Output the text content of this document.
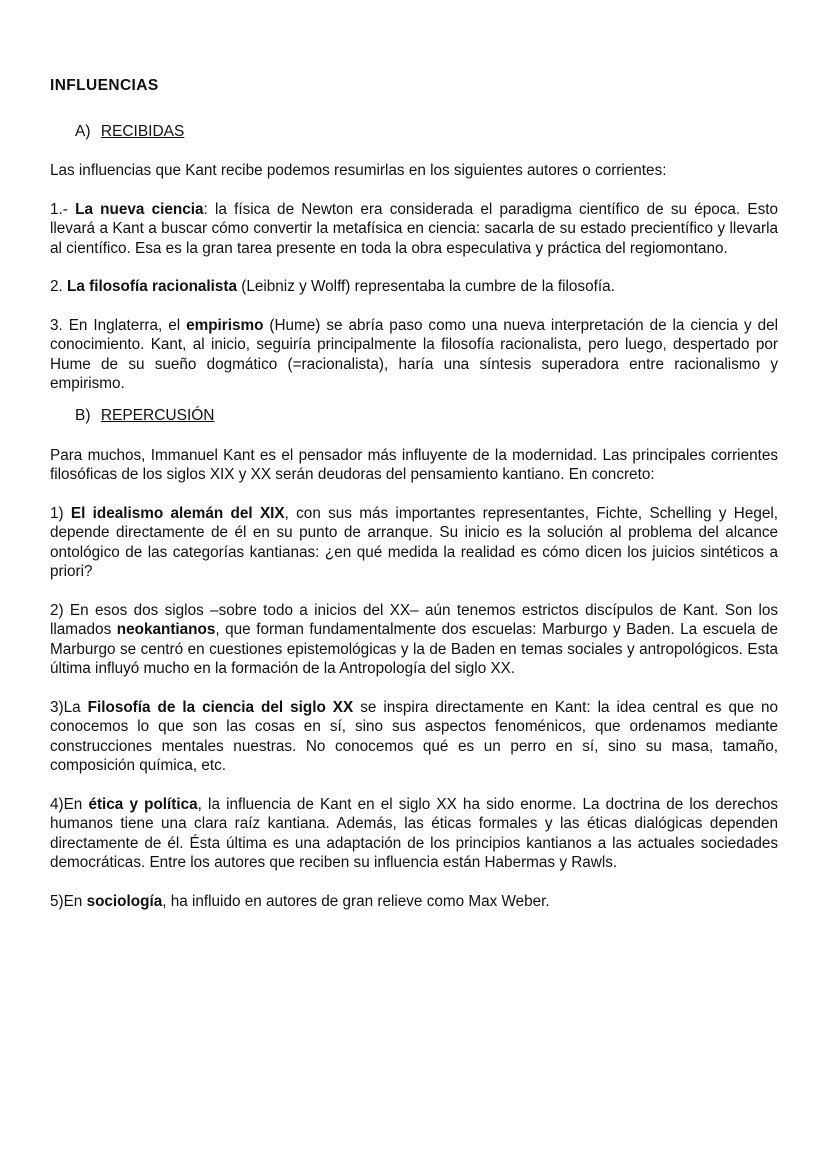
INFLUENCIAS
A) RECIBIDAS

Las influencias que Kant recibe podemos resumirlas en los siguientes autores o corrientes:

1.- La nueva ciencia: la física de Newton era considerada el paradigma científico de su época. Esto llevará a Kant a buscar cómo convertir la metafísica en ciencia: sacarla de su estado precientífico y llevarla al científico. Esa es la gran tarea presente en toda la obra especulativa y práctica del regiomontano.

2. La filosofía racionalista (Leibniz y Wolff) representaba la cumbre de la filosofía.

3. En Inglaterra, el empirismo (Hume) se abría paso como una nueva interpretación de la ciencia y del conocimiento. Kant, al inicio, seguiría principalmente la filosofía racionalista, pero luego, despertado por Hume de su sueño dogmático (=racionalista), haría una síntesis superadora entre racionalismo y empirismo.

B) REPERCUSIÓN

Para muchos, Immanuel Kant es el pensador más influyente de la modernidad. Las principales corrientes filosóficas de los siglos XIX y XX serán deudoras del pensamiento kantiano. En concreto:

1) El idealismo alemán del XIX, con sus más importantes representantes, Fichte, Schelling y Hegel, depende directamente de él en su punto de arranque. Su inicio es la solución al problema del alcance ontológico de las categorías kantianas: ¿en qué medida la realidad es cómo dicen los juicios sintéticos a priori?

2) En esos dos siglos –sobre todo a inicios del XX– aún tenemos estrictos discípulos de Kant. Son los llamados neokantianos, que forman fundamentalmente dos escuelas: Marburgo y Baden. La escuela de Marburgo se centró en cuestiones epistemológicas y la de Baden en temas sociales y antropológicos. Esta última influyó mucho en la formación de la Antropología del siglo XX.

3)La Filosofía de la ciencia del siglo XX se inspira directamente en Kant: la idea central es que no conocemos lo que son las cosas en sí, sino sus aspectos fenoménicos, que ordenamos mediante construcciones mentales nuestras. No conocemos qué es un perro en sí, sino su masa, tamaño, composición química, etc.

4)En ética y política, la influencia de Kant en el siglo XX ha sido enorme. La doctrina de los derechos humanos tiene una clara raíz kantiana. Además, las éticas formales y las éticas dialógicas dependen directamente de él. Ésta última es una adaptación de los principios kantianos a las actuales sociedades democráticas. Entre los autores que reciben su influencia están Habermas y Rawls.

5)En sociología, ha influido en autores de gran relieve como Max Weber.
